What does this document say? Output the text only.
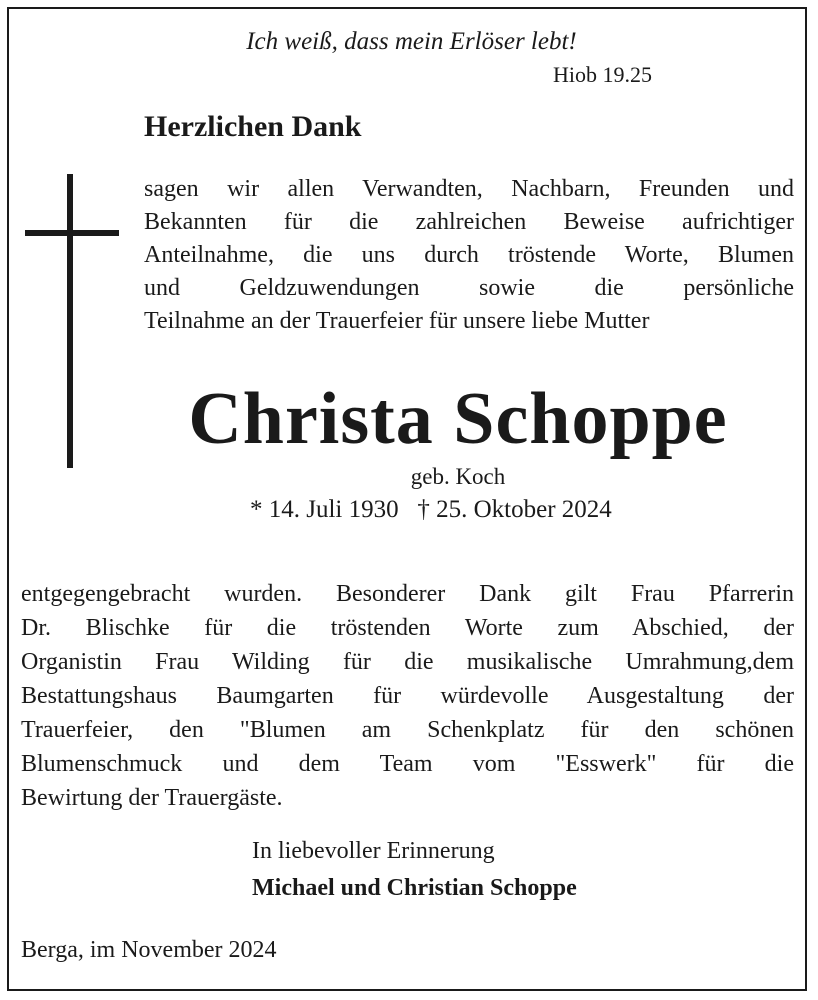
Ich weiß, dass mein Erlöser lebt!

Hiob 19.25

Herzlichen Dank
sagen wir allen Verwandten, Nachbarn, Freunden und
Bekannten für die zahlreichen Beweise aufrichtiger
Anteilnahme, die uns durch tröstende Worte, Blumen
und Geldzuwendungen sowie die persönliche
Teilnahme an der Trauerfeier für unsere liebe Mutter

Christa Schoppe

geb. Koch

* 14. Juli 1930   † 25. Oktober 2024

entgegengebracht wurden. Besonderer Dank gilt Frau Pfarrerin
Dr. Blischke für die tröstenden Worte zum Abschied, der
Organistin Frau Wilding für die musikalische Umrahmung,dem
Bestattungshaus Baumgarten für würdevolle Ausgestaltung der
Trauerfeier, den "Blumen am Schenkplatz für den schönen
Blumenschmuck und dem Team vom "Esswerk" für die
Bewirtung der Trauergäste.

In liebevoller Erinnerung

Michael und Christian Schoppe

Berga, im November 2024
